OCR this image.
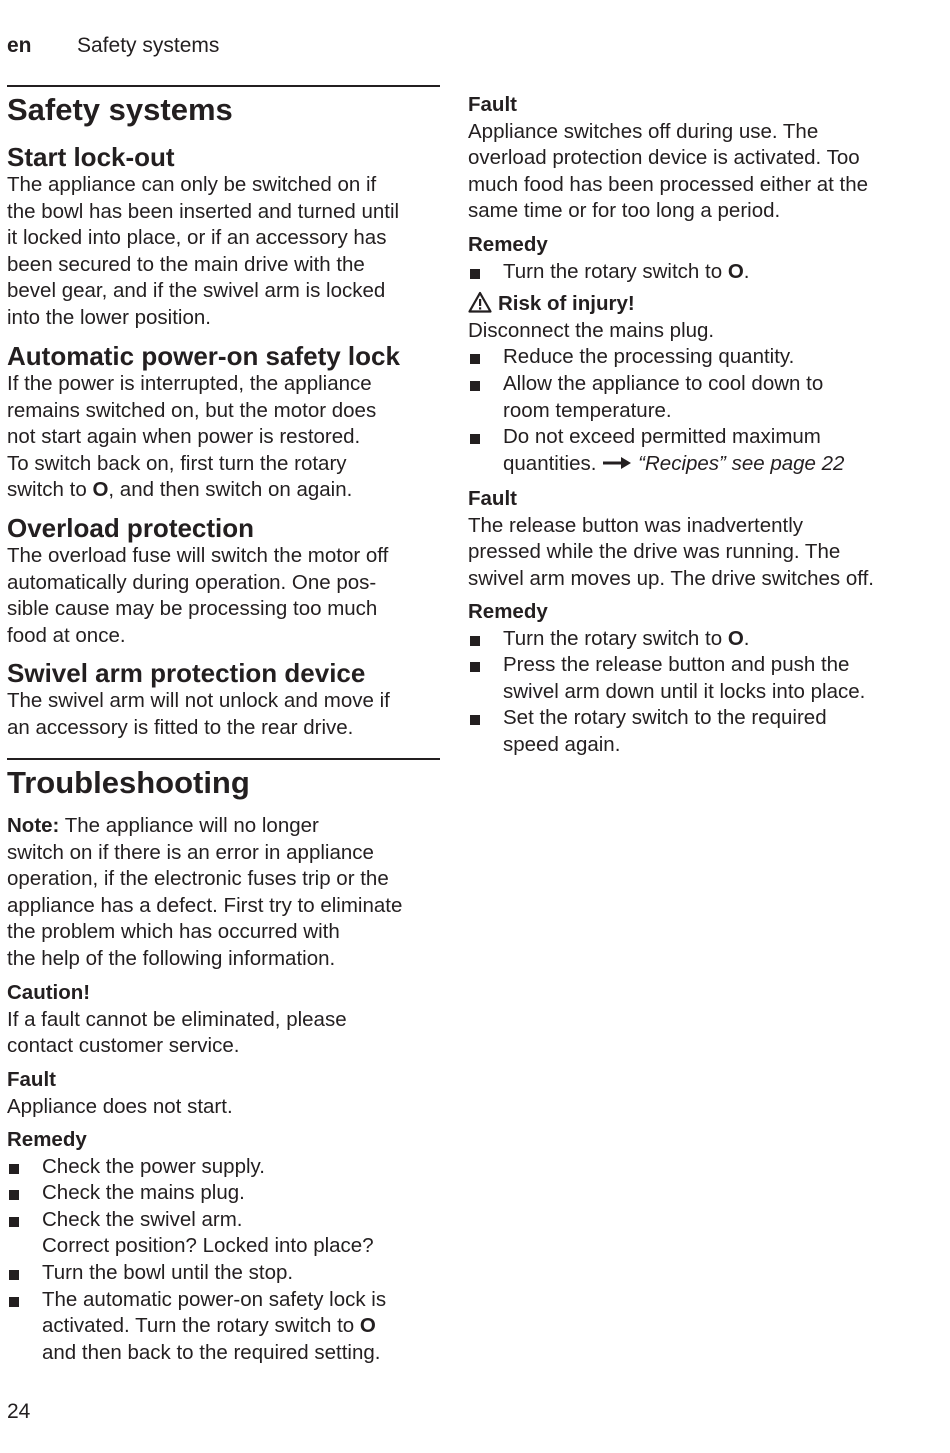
en Safety systems
Safety systems
Start lock-out

The appliance can only be switched on if

the bowl has been inserted and turned until

it locked into place, or if an accessory has

been secured to the main drive with the

bevel gear, and if the swivel arm is locked

into the lower position.

Automatic power-on safety lock

If the power is interrupted, the appliance

remains switched on, but the motor does

not start again when power is restored.

To switch back on, first turn the rotary

switch to O, and then switch on again.

Overload protection

The overload fuse will switch the motor off

automatically during operation. One pos-

sible cause may be processing too much

food at once.

Swivel arm protection device

The swivel arm will not unlock and move if

an accessory is fitted to the rear drive.

Troubleshooting

Note: The appliance will no longer

switch on if there is an error in appliance

operation, if the electronic fuses trip or the

appliance has a defect. First try to eliminate

the problem which has occurred with

the help of the following information.

Caution!

If a fault cannot be eliminated, please

contact customer service.

Fault

Appliance does not start.

Remedy

Check the power supply.
Check the mains plug.
Check the swivel arm.
Correct position? Locked into place?
Turn the bowl until the stop.
The automatic power-on safety lock is
activated. Turn the rotary switch to O
and then back to the required setting.

Fault

Appliance switches off during use. The

overload protection device is activated. Too

much food has been processed either at the

same time or for too long a period.

Remedy

Turn the rotary switch to O.

Risk of injury!

Disconnect the mains plug.

Reduce the processing quantity.
Allow the appliance to cool down to
room temperature.
Do not exceed permitted maximum
quantities. “Recipes” see page 22

Fault

The release button was inadvertently

pressed while the drive was running. The

swivel arm moves up. The drive switches off.

Remedy

Turn the rotary switch to O.
Press the release button and push the
swivel arm down until it locks into place.
Set the rotary switch to the required
speed again.
24
